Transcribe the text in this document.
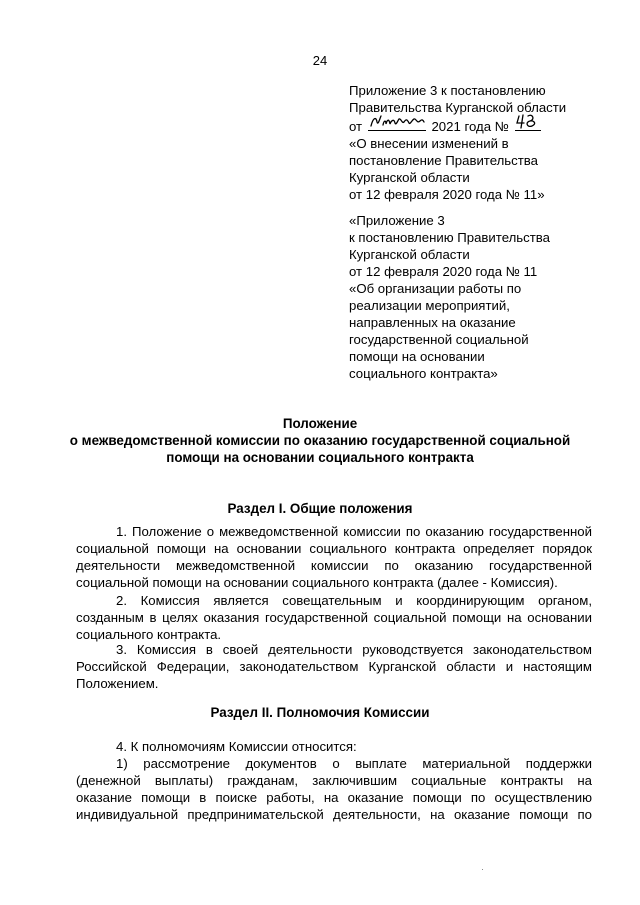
24
Приложение 3 к постановлению
Правительства Курганской области
от	2021 года №
«О внесении изменений в
постановление Правительства
Курганской области
от 12 февраля 2020 года № 11»
«Приложение 3
к постановлению Правительства
Курганской области
от 12 февраля 2020 года № 11
«Об организации работы по
реализации мероприятий,
направленных на оказание
государственной социальной
помощи на основании
социального контракта»
Положение
о межведомственной комиссии по оказанию государственной социальной
помощи на основании социального контракта
Раздел I. Общие положения
1. Положение о межведомственной комиссии по оказанию государственной
социальной помощи на основании социального контракта определяет порядок
деятельности межведомственной комиссии по оказанию государственной
социальной помощи на основании социального контракта (далее - Комиссия).
2. Комиссия является совещательным и координирующим органом,
созданным в целях оказания государственной социальной помощи на основании
социального контракта.
3. Комиссия в своей деятельности руководствуется законодательством
Российской Федерации, законодательством Курганской области и настоящим
Положением.
Раздел II. Полномочия Комиссии
4. К полномочиям Комиссии относится:
1) рассмотрение документов о выплате материальной поддержки
(денежной выплаты) гражданам, заключившим социальные контракты на
оказание помощи в поиске работы, на оказание помощи по осуществлению
индивидуальной предпринимательской деятельности, на оказание помощи по
